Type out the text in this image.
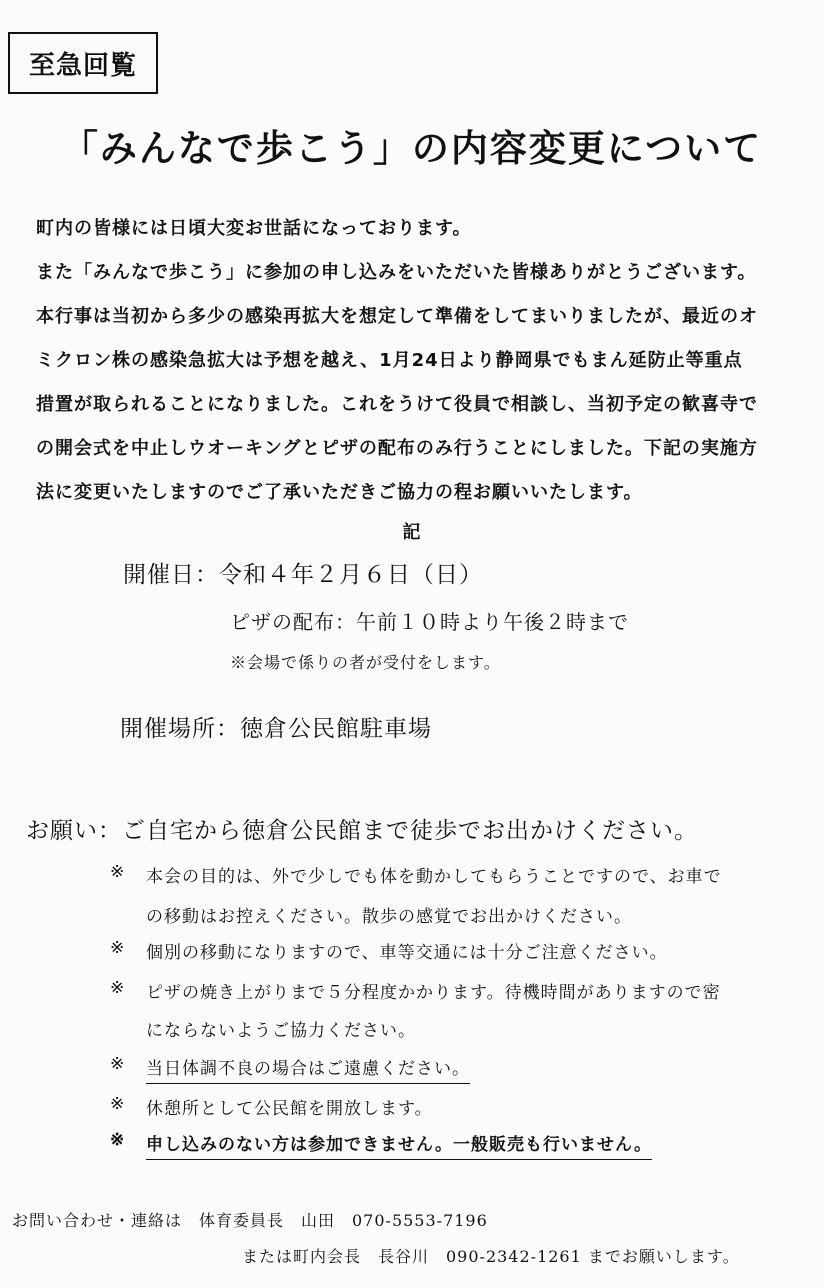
至急回覧
「みんなで歩こう」の内容変更について
町内の皆様には日頃大変お世話になっております。
また「みんなで歩こう」に参加の申し込みをいただいた皆様ありがとうございます。
本行事は当初から多少の感染再拡大を想定して準備をしてまいりましたが、最近のオ
ミクロン株の感染急拡大は予想を越え、1月24日より静岡県でもまん延防止等重点
措置が取られることになりました。これをうけて役員で相談し、当初予定の歓喜寺で
の開会式を中止しウオーキングとピザの配布のみ行うことにしました。下記の実施方
法に変更いたしますのでご了承いただきご協力の程お願いいたします。
記
開催日：令和４年２月６日（日）
ピザの配布：午前１０時より午後２時まで
※会場で係りの者が受付をします。
開催場所：徳倉公民館駐車場
お願い：ご自宅から徳倉公民館まで徒歩でお出かけください。
※ 本会の目的は、外で少しでも体を動かしてもらうことですので、お車で
の移動はお控えください。散歩の感覚でお出かけください。
※ 個別の移動になりますので、車等交通には十分ご注意ください。
※ ピザの焼き上がりまで５分程度かかります。待機時間がありますので密
にならないようご協力ください。
※ 当日体調不良の場合はご遠慮ください。
※ 休憩所として公民館を開放します。
※ 申し込みのない方は参加できません。一般販売も行いません。
お問い合わせ・連絡は　体育委員長　山田　070-5553-7196
または町内会長　長谷川　090-2342-1261 までお願いします。
